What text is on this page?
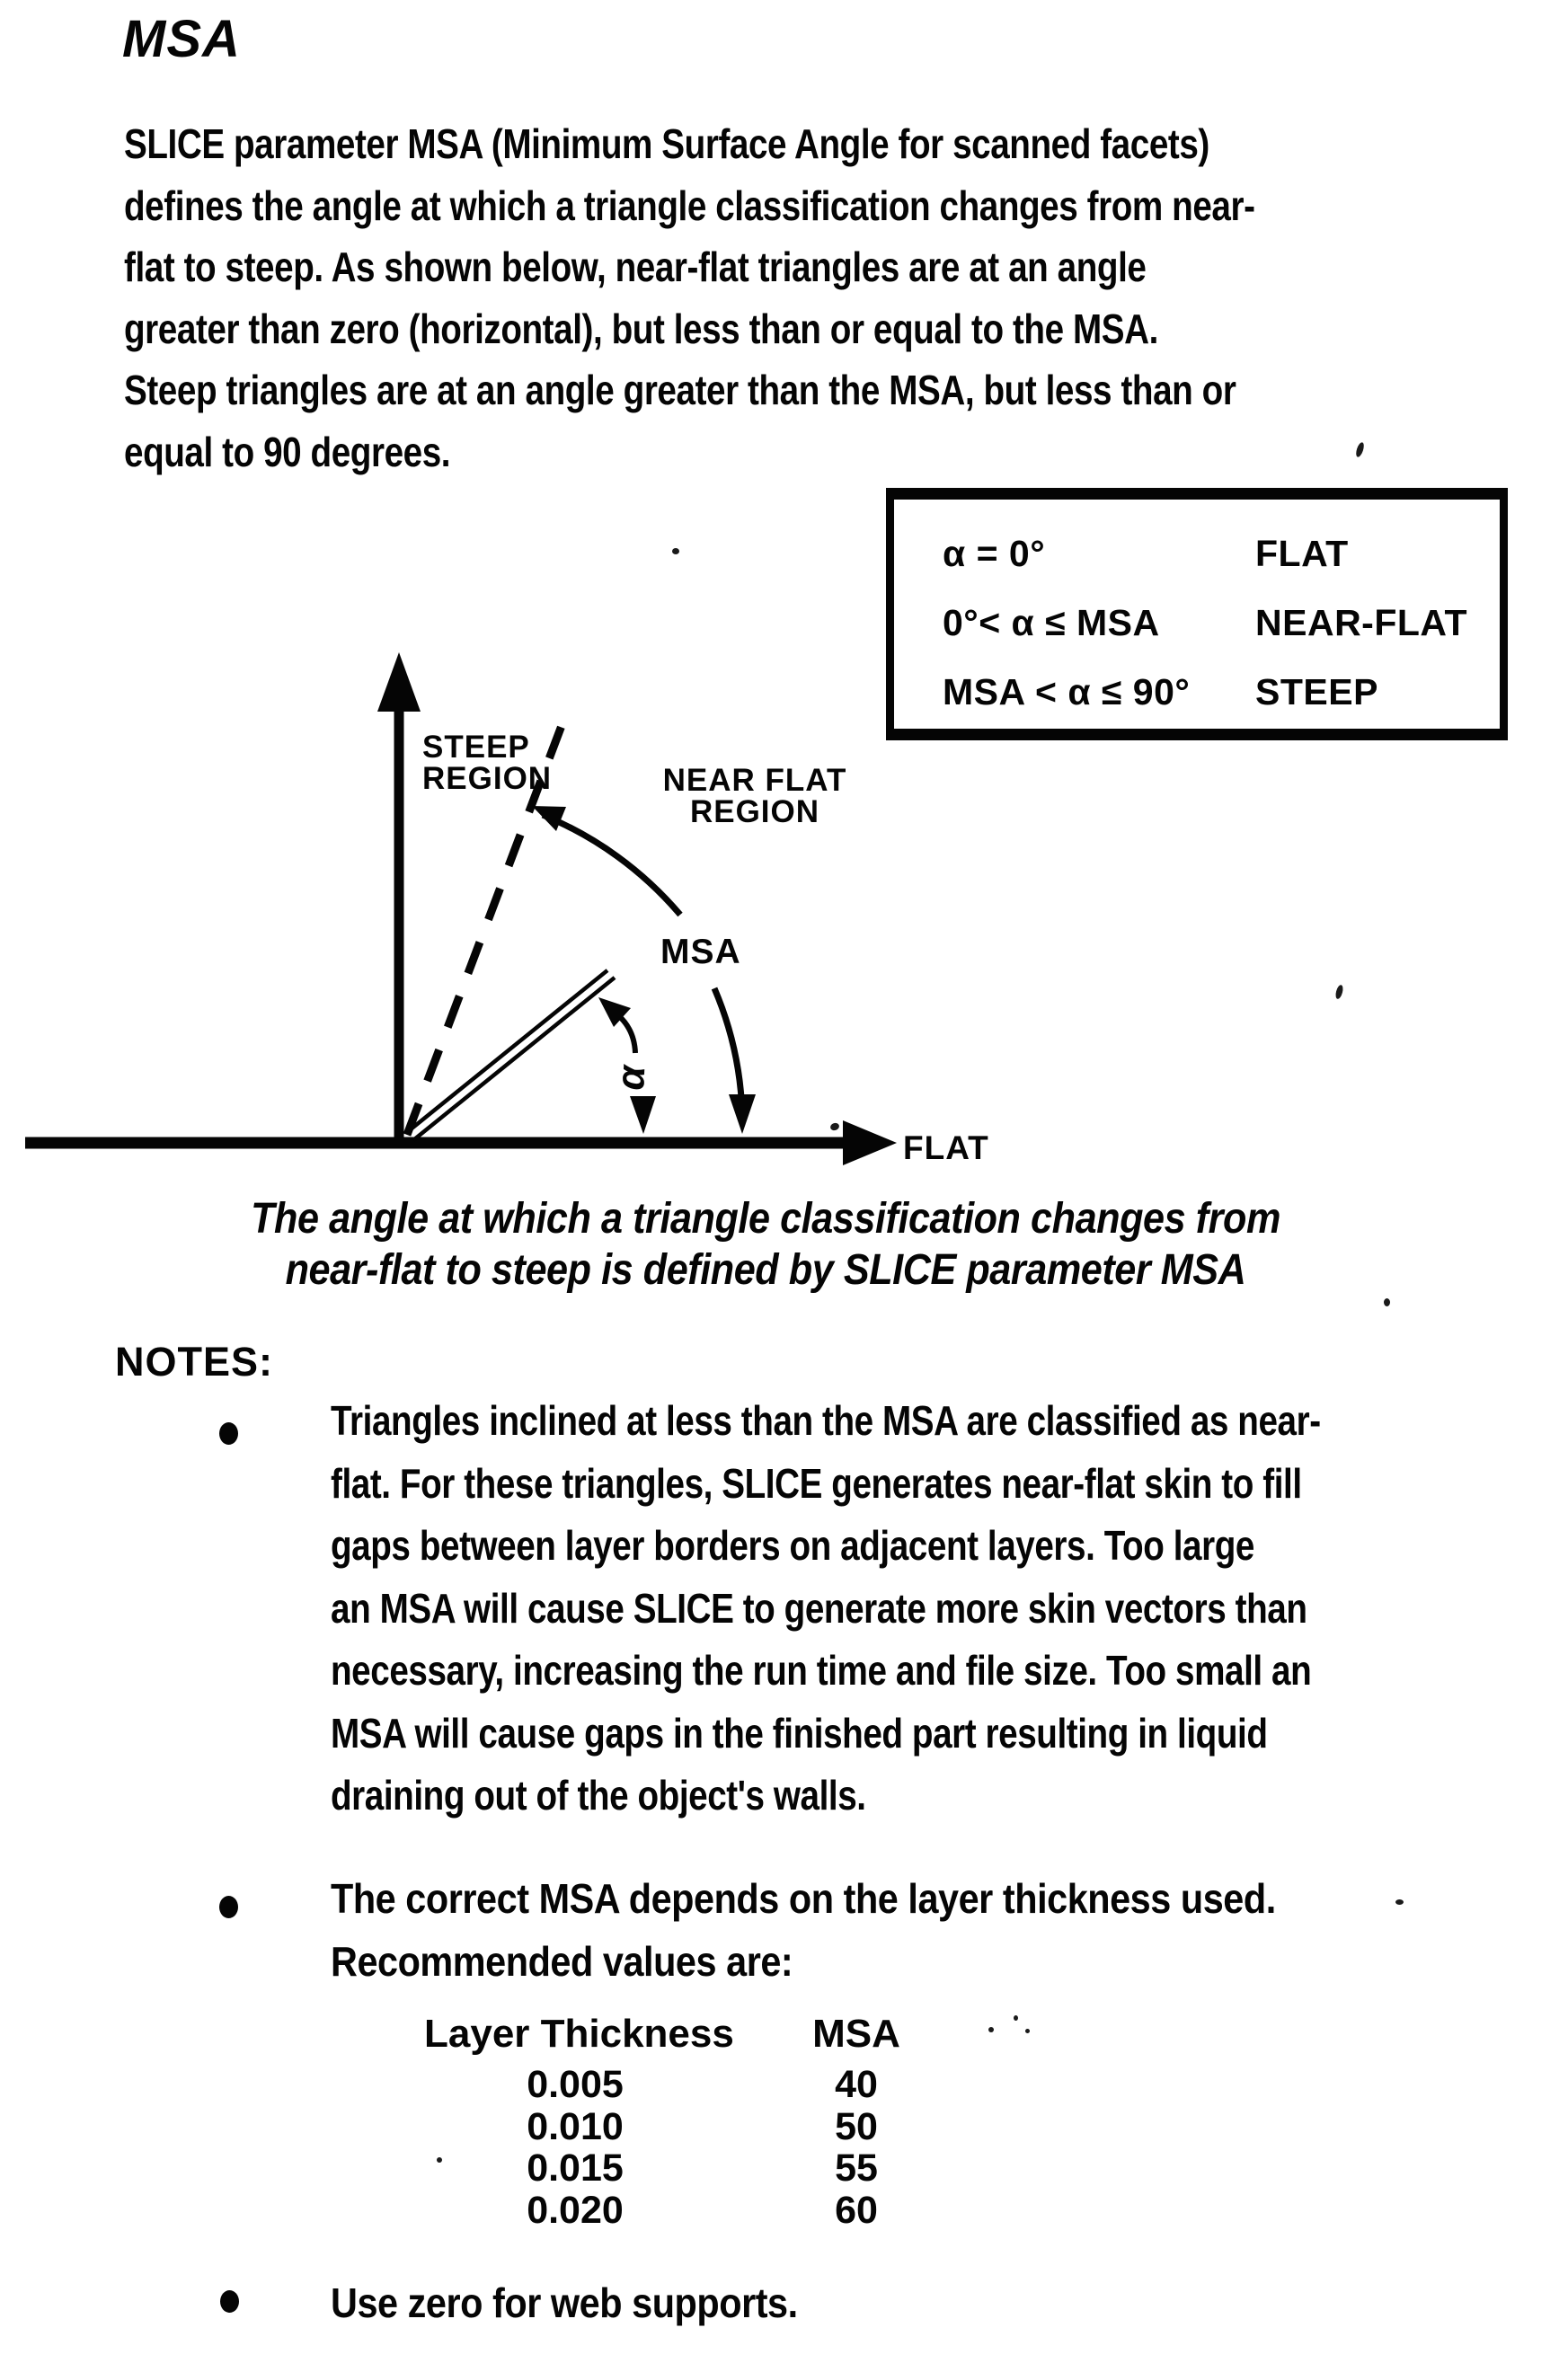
MSA
SLICE parameter MSA (Minimum Surface Angle for scanned facets)
defines the angle at which a triangle classification changes from near-
flat to steep. As shown below, near-flat triangles are at an angle
greater than zero (horizontal), but less than or equal to the MSA.
Steep triangles are at an angle greater than the MSA, but less than or
equal to 90 degrees.
α = 0°	FLAT
0°< α ≤ MSA	NEAR-FLAT
MSA < α ≤ 90°	STEEP
FLAT
MSA
α
STEEP
REGION	NEAR FLAT
REGION
The angle at which a triangle classification changes from
near-flat to steep is defined by SLICE parameter MSA
NOTES:
Triangles inclined at less than the MSA are classified as near-
flat. For these triangles, SLICE generates near-flat skin to fill
gaps between layer borders on adjacent layers. Too large
an MSA will cause SLICE to generate more skin vectors than
necessary, increasing the run time and file size. Too small an
MSA will cause gaps in the finished part resulting in liquid
draining out of the object's walls.
The correct MSA depends on the layer thickness used.
Recommended values are:
Layer Thickness MSA
0.005	40
0.010	50
0.015	55
0.020	60
Use zero for web supports.
